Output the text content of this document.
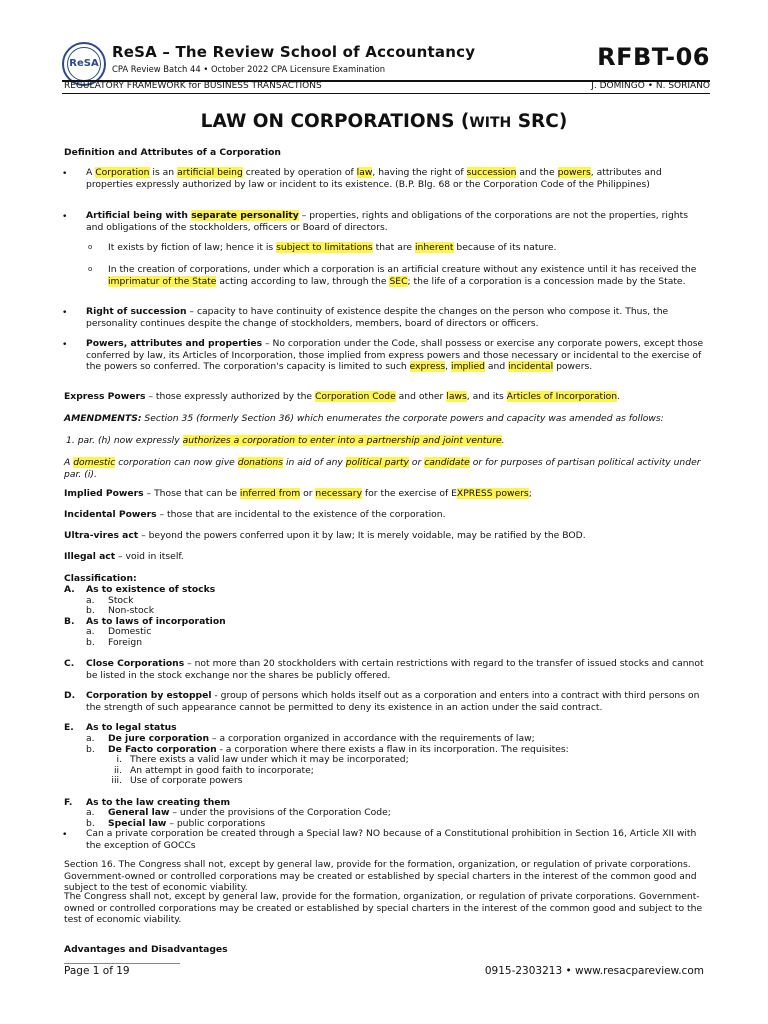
ReSA
ReSA – The Review School of Accountancy
CPA Review Batch 44 • October 2022 CPA Licensure Examination	RFBT-06
REGULATORY FRAMEWORK for BUSINESS TRANSACTIONS	J. DOMINGO • N. SORIANO
LAW ON CORPORATIONS (WITH SRC)
Definition and Attributes of a Corporation
• A Corporation is an artificial being created by operation of law, having the right of succession and the powers, attributes and properties expressly authorized by law or incident to its existence. (B.P. Blg. 68 or the Corporation Code of the Philippines)
• Artificial being with separate personality – properties, rights and obligations of the corporations are not the properties, rights and obligations of the stockholders, officers or Board of directors.
o It exists by fiction of law; hence it is subject to limitations that are inherent because of its nature.
o In the creation of corporations, under which a corporation is an artificial creature without any existence until it has received the imprimatur of the State acting according to law, through the SEC; the life of a corporation is a concession made by the State.
• Right of succession – capacity to have continuity of existence despite the changes on the person who compose it. Thus, the personality continues despite the change of stockholders, members, board of directors or officers.
• Powers, attributes and properties – No corporation under the Code, shall possess or exercise any corporate powers, except those conferred by law, its Articles of Incorporation, those implied from express powers and those necessary or incidental to the exercise of the powers so conferred. The corporation's capacity is limited to such express, implied and incidental powers.
Express Powers – those expressly authorized by the Corporation Code and other laws, and its Articles of Incorporation.
AMENDMENTS: Section 35 (formerly Section 36) which enumerates the corporate powers and capacity was amended as follows:
1. par. (h) now expressly authorizes a corporation to enter into a partnership and joint venture.
A domestic corporation can now give donations in aid of any political party or candidate or for purposes of partisan political activity under par. (i).
Implied Powers – Those that can be inferred from or necessary for the exercise of EXPRESS powers;
Incidental Powers – those that are incidental to the existence of the corporation.
Ultra-vires act – beyond the powers conferred upon it by law; It is merely voidable, may be ratified by the BOD.
Illegal act – void in itself.
Classification:
A. As to existence of stocks
a. Stock
b. Non-stock
B. As to laws of incorporation
a. Domestic
b. Foreign
C. Close Corporations – not more than 20 stockholders with certain restrictions with regard to the transfer of issued stocks and cannot be listed in the stock exchange nor the shares be publicly offered.
D. Corporation by estoppel - group of persons which holds itself out as a corporation and enters into a contract with third persons on the strength of such appearance cannot be permitted to deny its existence in an action under the said contract.
E. As to legal status
a. De jure corporation – a corporation organized in accordance with the requirements of law;
b. De Facto corporation - a corporation where there exists a flaw in its incorporation. The requisites:
i. There exists a valid law under which it may be incorporated;
ii. An attempt in good faith to incorporate;
iii. Use of corporate powers
F. As to the law creating them
a. General law – under the provisions of the Corporation Code;
b. Special law – public corporations
• Can a private corporation be created through a Special law? NO because of a Constitutional prohibition in Section 16, Article XII with the exception of GOCCs
Section 16. The Congress shall not, except by general law, provide for the formation, organization, or regulation of private corporations. Government-owned or controlled corporations may be created or established by special charters in the interest of the common good and subject to the test of economic viability.
The Congress shall not, except by general law, provide for the formation, organization, or regulation of private corporations. Government-owned or controlled corporations may be created or established by special charters in the interest of the common good and subject to the test of economic viability.
Advantages and Disadvantages
Page 1 of 19	0915-2303213 • www.resacpareview.com
